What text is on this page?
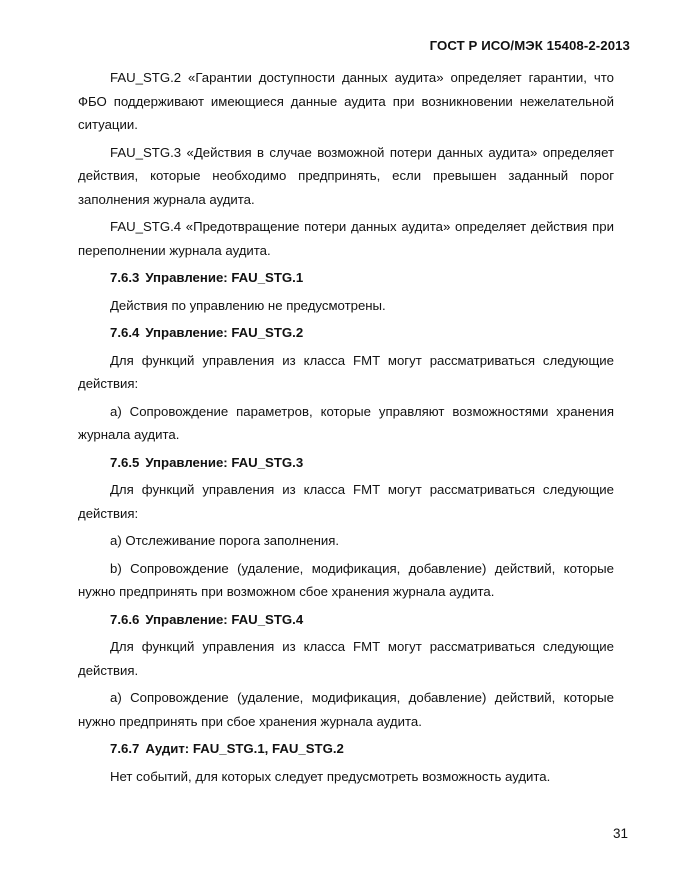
ГОСТ Р ИСО/МЭК 15408-2-2013

FAU_STG.2 «Гарантии доступности данных аудита» определяет гарантии, что ФБО поддерживают имеющиеся данные аудита при возникновении нежелательной ситуации.

FAU_STG.3 «Действия в случае возможной потери данных аудита» определяет действия, которые необходимо предпринять, если превышен заданный порог заполнения журнала аудита.

FAU_STG.4 «Предотвращение потери данных аудита» определяет действия при переполнении журнала аудита.

7.6.3 Управление: FAU_STG.1

Действия по управлению не предусмотрены.

7.6.4 Управление: FAU_STG.2

Для функций управления из класса FMT могут рассматриваться следующие действия:

а) Сопровождение параметров, которые управляют возможностями хранения журнала аудита.

7.6.5 Управление: FAU_STG.3

Для функций управления из класса FMT могут рассматриваться следующие действия:

а) Отслеживание порога заполнения.

b) Сопровождение (удаление, модификация, добавление) действий, которые нужно предпринять при возможном сбое хранения журнала аудита.

7.6.6 Управление: FAU_STG.4

Для функций управления из класса FMT могут рассматриваться следующие действия.

а) Сопровождение (удаление, модификация, добавление) действий, которые нужно предпринять при сбое хранения журнала аудита.

7.6.7 Аудит: FAU_STG.1, FAU_STG.2

Нет событий, для которых следует предусмотреть возможность аудита.

31
